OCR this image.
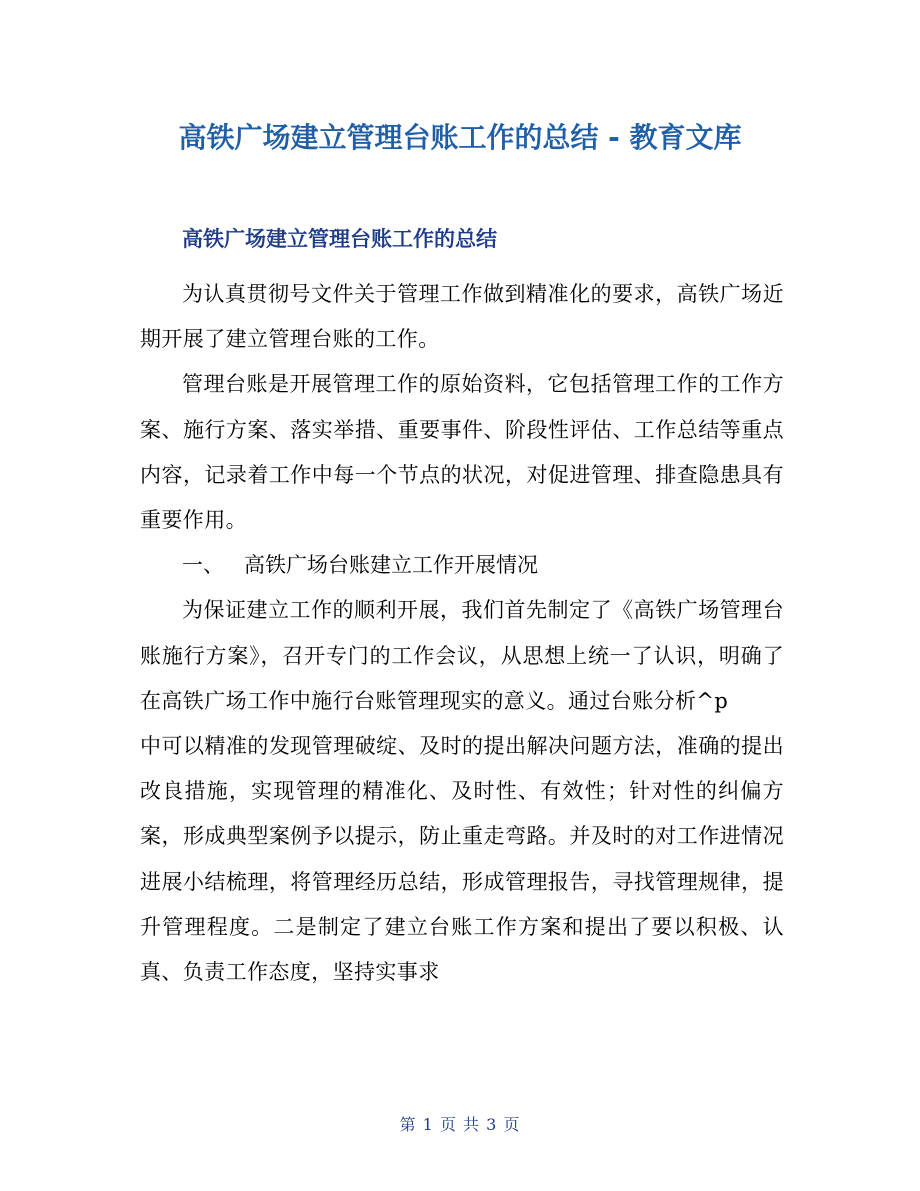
高铁广场建立管理台账工作的总结 - 教育文库
高铁广场建立管理台账工作的总结

为认真贯彻号文件关于管理工作做到精准化的要求，高铁广场近期开展了建立管理台账的工作。

管理台账是开展管理工作的原始资料，它包括管理工作的工作方案、施行方案、落实举措、重要事件、阶段性评估、工作总结等重点内容，记录着工作中每一个节点的状况，对促进管理、排查隐患具有重要作用。

一、 高铁广场台账建立工作开展情况

为保证建立工作的顺利开展，我们首先制定了《高铁广场管理台账施行方案》，召开专门的工作会议，从思想上统一了认识，明确了在高铁广场工作中施行台账管理现实的意义。通过台账分析^p

中可以精准的发现管理破绽、及时的提出解决问题方法，准确的提出改良措施，实现管理的精准化、及时性、有效性；针对性的纠偏方案，形成典型案例予以提示，防止重走弯路。并及时的对工作进情况进展小结梳理，将管理经历总结，形成管理报告，寻找管理规律，提升管理程度。二是制定了建立台账工作方案和提出了要以积极、认真、负责工作态度，坚持实事求

第 1 页 共 3 页
